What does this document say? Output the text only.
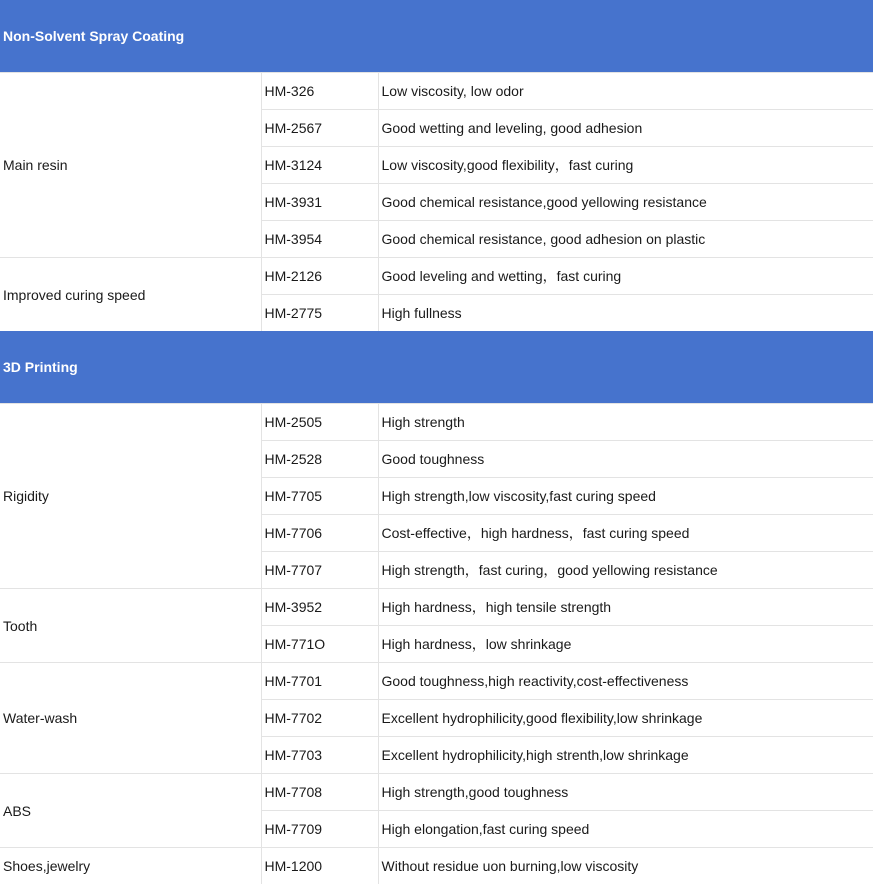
Non-Solvent Spray Coating		
Main resin	HM-326	Low viscosity, low odor
	HM-2567	Good wetting and leveling, good adhesion
	HM-3124	Low viscosity,good flexibility，fast curing
	HM-3931	Good chemical resistance,good yellowing resistance
	HM-3954	Good chemical resistance, good adhesion on plastic
Improved curing speed	HM-2126	Good leveling and wetting，fast curing
	HM-2775	High fullness
3D Printing		
Rigidity	HM-2505	High strength
	HM-2528	Good toughness
	HM-7705	High strength,low viscosity,fast curing speed
	HM-7706	Cost-effective，high hardness，fast curing speed
	HM-7707	High strength，fast curing，good yellowing resistance
Tooth	HM-3952	High hardness，high tensile strength
	HM-771O	High hardness，low shrinkage
Water-wash	HM-7701	Good toughness,high reactivity,cost-effectiveness
	HM-7702	Excellent hydrophilicity,good flexibility,low shrinkage
	HM-7703	Excellent hydrophilicity,high strenth,low shrinkage
ABS	HM-7708	High strength,good toughness
	HM-7709	High elongation,fast curing speed
Shoes,jewelry	HM-1200	Without residue uon burning,low viscosity
